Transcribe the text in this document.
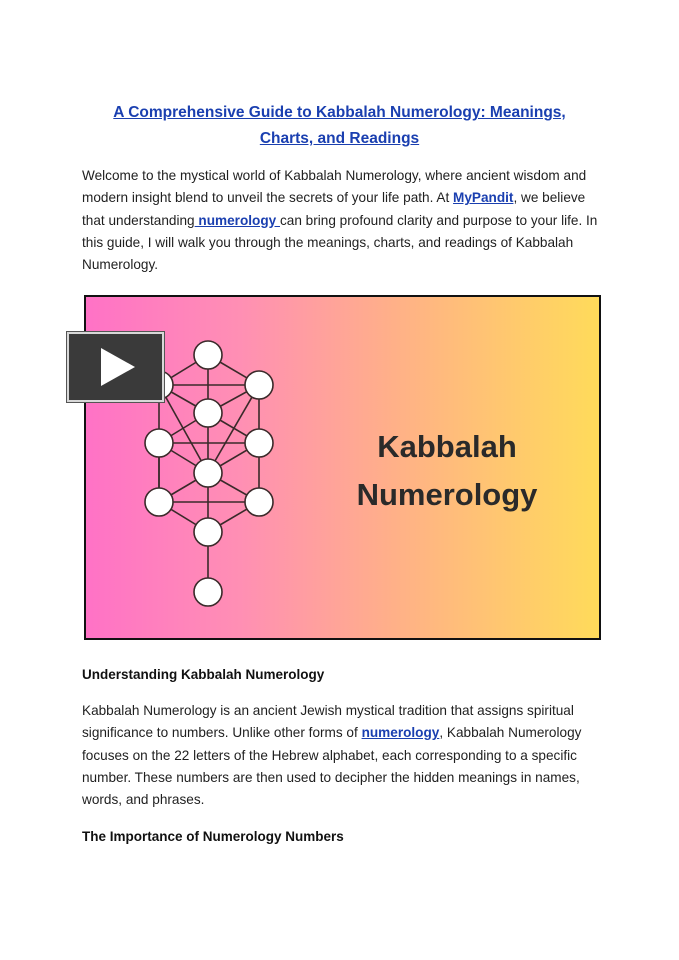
A Comprehensive Guide to Kabbalah Numerology: Meanings,
Charts, and Readings
Welcome to the mystical world of Kabbalah Numerology, where ancient wisdom and modern insight blend to unveil the secrets of your life path. At MyPandit, we believe that understanding numerology can bring profound clarity and purpose to your life. In this guide, I will walk you through the meanings, charts, and readings of Kabbalah Numerology.
Kabbalah
Numerology
Understanding Kabbalah Numerology
Kabbalah Numerology is an ancient Jewish mystical tradition that assigns spiritual significance to numbers. Unlike other forms of numerology, Kabbalah Numerology focuses on the 22 letters of the Hebrew alphabet, each corresponding to a specific number. These numbers are then used to decipher the hidden meanings in names, words, and phrases.
The Importance of Numerology Numbers
